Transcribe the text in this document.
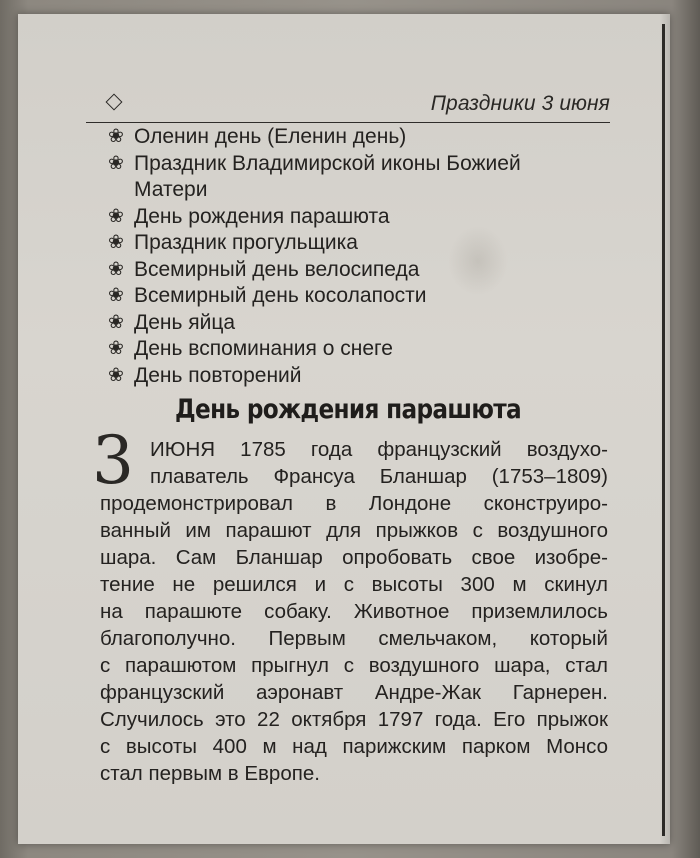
Праздники 3 июня
❀ Оленин день (Еленин день)
❀ Праздник Владимирской иконы Божией
Матери
❀ День рождения парашюта
❀ Праздник прогульщика
❀ Всемирный день велосипеда
❀ Всемирный день косолапости
❀ День яйца
❀ День вспоминания о снеге
❀ День повторений
День рождения парашюта
3 ИЮНЯ 1785 года французский воздухо-
плаватель Франсуа Бланшар (1753–1809)
продемонстрировал в Лондоне сконструиро-
ванный им парашют для прыжков с воздушного
шара. Сам Бланшар опробовать свое изобре-
тение не решился и с высоты 300 м скинул
на парашюте собаку. Животное приземлилось
благополучно. Первым смельчаком, который
с парашютом прыгнул с воздушного шара, стал
французский аэронавт Андре-Жак Гарнерен.
Случилось это 22 октября 1797 года. Его прыжок
с высоты 400 м над парижским парком Монсо
стал первым в Европе.
